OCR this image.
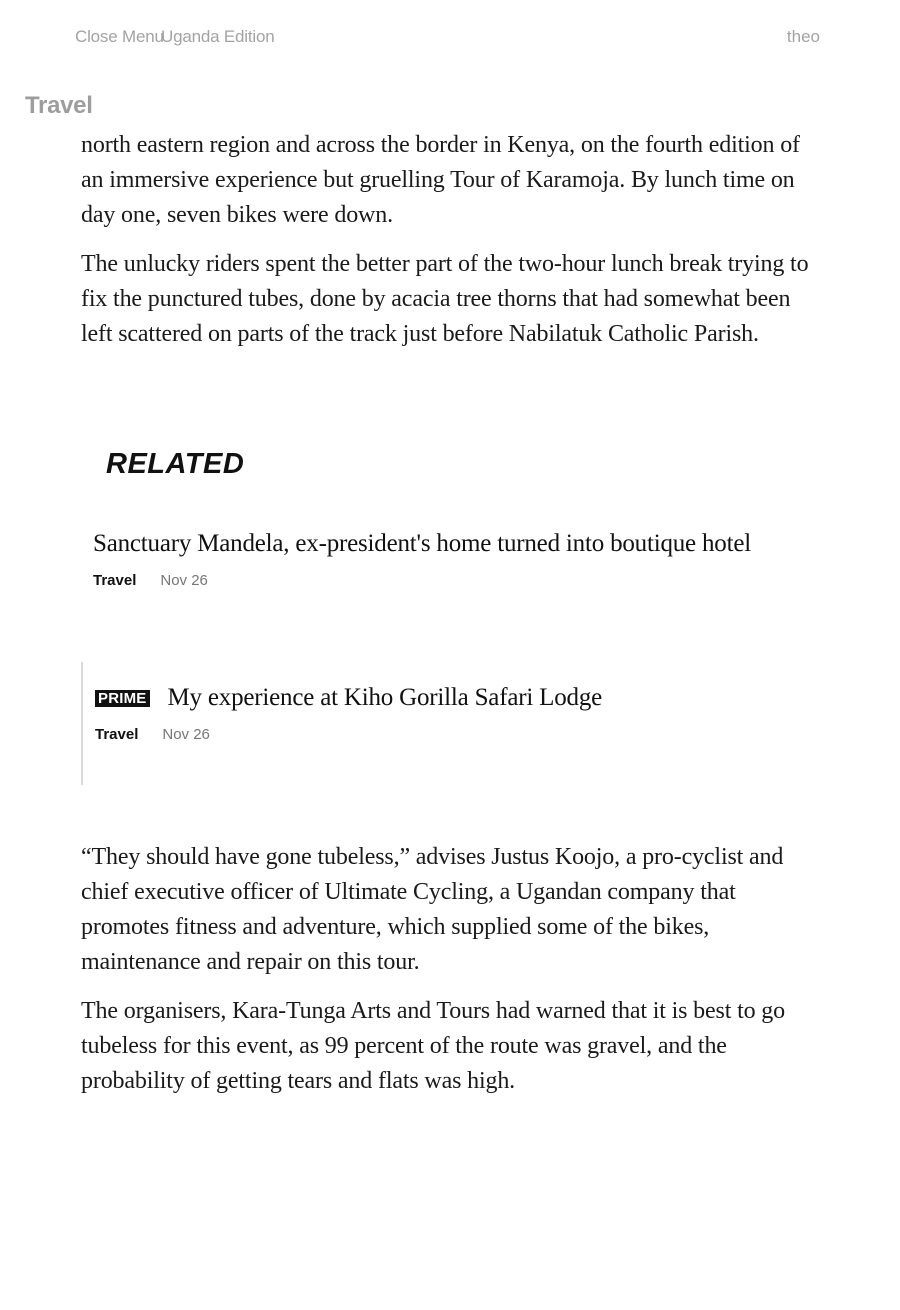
Close Menu
Uganda Edition	theo
Travel

north eastern region and across the border in Kenya, on the fourth edition of an immersive experience but gruelling Tour of Karamoja. By lunch time on day one, seven bikes were down.

The unlucky riders spent the better part of the two-hour lunch break trying to fix the punctured tubes, done by acacia tree thorns that had somewhat been left scattered on parts of the track just before Nabilatuk Catholic Parish.

RELATED
Sanctuary Mandela, ex-president's home turned into boutique hotel
Travel Nov 26
PRIME My experience at Kiho Gorilla Safari Lodge
Travel Nov 26

“They should have gone tubeless,” advises Justus Koojo, a pro-cyclist and chief executive officer of Ultimate Cycling, a Ugandan company that promotes fitness and adventure, which supplied some of the bikes, maintenance and repair on this tour.

The organisers, Kara-Tunga Arts and Tours had warned that it is best to go tubeless for this event, as 99 percent of the route was gravel, and the probability of getting tears and flats was high.
